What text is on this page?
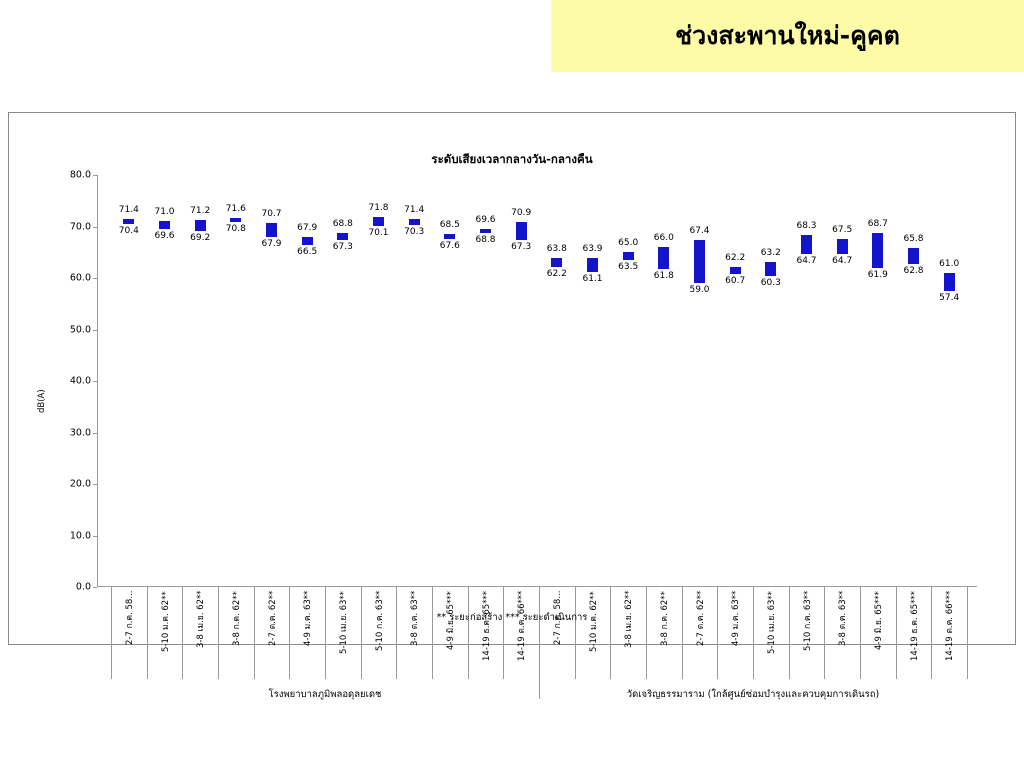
ช่วงสะพานใหม่-คูคต
ระดับเสียงเวลากลางวัน-กลางคืน
dB(A)
0.0
10.0
20.0
30.0
40.0
50.0
60.0
70.0
80.0
71.4
70.4
71.0
69.6
71.2
69.2
71.6
70.8
70.7
67.9
67.9
66.5
68.8
67.3
71.8
70.1
71.4
70.3
68.5
67.6
69.6
68.8
70.9
67.3 63.8
62.2
63.9
61.1
65.0
63.5
66.0
61.8
67.4
59.0
62.2
60.7
63.2
60.3
68.3
64.7
67.5
64.7
68.7
61.9
65.8
62.8
61.0
57.4
2-7 ก.ค. 58...	5-10 ม.ค. 62**	3-8 เม.ย. 62**	3-8 ก.ค. 62**	2-7 ต.ค. 62**	4-9 ม.ค. 63**	5-10 เม.ย. 63**	5-10 ก.ค. 63**	3-8 ต.ค. 63**	4-9 มิ.ย. 65***	14-19 ธ.ค. 65***	14-19 ต.ค. 66***	2-7 ก.ค. 58...	5-10 ม.ค. 62**	3-8 เม.ย. 62**	3-8 ก.ค. 62**	2-7 ต.ค. 62**	4-9 ม.ค. 63**	5-10 เม.ย. 63**	5-10 ก.ค. 63**	3-8 ต.ค. 63**	4-9 มิ.ย. 65***	14-19 ธ.ค. 65***	14-19 ต.ค. 66***
โรงพยาบาลภูมิพลอดุลยเดช	วัดเจริญธรรมาราม (ใกล้ศูนย์ซ่อมบำรุงและควบคุมการเดินรถ)
** ระยะก่อสร้าง *** ระยะดำเนินการ
